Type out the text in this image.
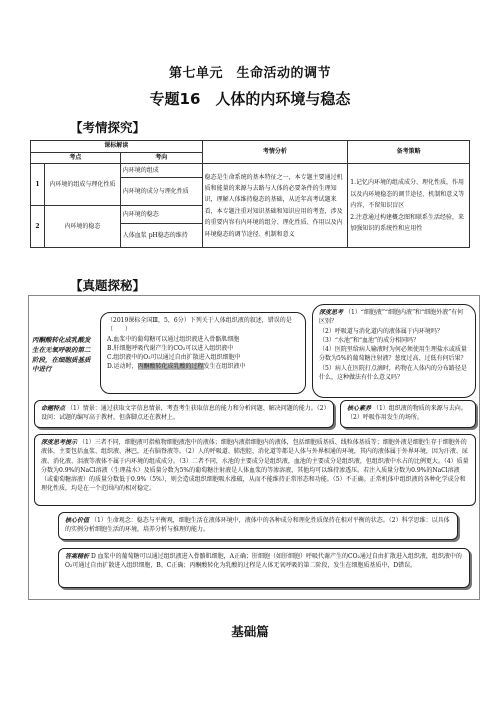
第七单元　生命活动的调节
专题16　人体的内环境与稳态
【考情探究】
课标解读			考情分析	备考策略
考点		考向		
1	内环境的组成与理化性质	内环境的组成	稳态是生命系统的基本特征之一，本专题主要通过机质和能量的来源与去路与人体的必要条件的生理知识，理解人体维持稳态的基础，从近年高考试题来看，本专题注重对知识基础和知识应用的考查，涉及的重要内容有内环境的组分、理化性质、作用以及内环境稳态的调节途径、机制和意义	1.记忆内环境的组成成分、理化性质，作用以及内环境稳态的调节途径、机制和意义等内容，不留知识盲区
2.注意通过构建概念图和联系生活经验，来加强知识的系统性和应用性
		内环境的成分与理化性质		
2	内环境的稳态	内环境的稳态		
		人体血浆 pH稳态的维持		
【真题探秘】
丙酮酸转化成乳酸发生在无氧呼吸的第二阶段，在细胞质基质中进行

（2019课标全国Ⅲ，5，6分）下列关于人体组织液的叙述，错误的是（　　）

A.血浆中的葡萄糖可以通过组织液进入骨骼肌细胞

B.肝细胞呼吸代谢产生的CO₂可以进入组织液中

C.组织液中的O₂可以通过自由扩散进入组织细胞中

D.运动时，丙酮酸转化成乳酸的过程发生在组织液中

深度思考 （1）“细胞液”“细胞内液”和“细胞外液”有何区别？
（2）呼吸道与消化道内的液体属于内环境吗？
（3）“水池”和“血池”的成分相同吗？
（4）医院里给病人输液时为何必须使用生理盐水或质量分数为5%的葡萄糖注射液？葱度过高、过低有何后果？
（5）病人在医院打点滴时，药物在人体内的分布路径是什么，这种做法有什么意义吗？
命题特点 （1）情景：通过获取文字信息情景，考查考生获取信息的能力和分析问题、解决问题的能力。（2）设问：试题的编写高于教材，但落脚点还在教材上。
核心素养 （1）组织液的物质的来源与去向。（2）呼吸作用发生的场所。
深度思考提示 （1）三者不同，细胞液可指植物细胞液泡中的液体；细胞内液指细胞内的液体，包括细胞质基质、线粒体基质等；细胞外液是细胞生存于细胞外的液体，主要包括血浆、组织液、淋巴，还有脑脊液等。（2）人的呼吸道、肺泡腔、消化道等都是人体与外界相通的环境，其内的液体属于外界环境，因为汗液、尿液、消化液、泪液等液体不属于内环境的组成成分。（3）二者不同，水池的主要成分是组织液，血池的主要成分是组织液，但组织液中水占的比例更大。（4）质量分数为0.9%的NaCl溶液（生理盐水）及质量分数为5%的葡萄糖注射液是人体血浆的等渗溶液，其他均可以维持渗透压。若注入质量分数为0.9%的NaCl溶液（或葡萄糖溶液）的质量分数低于0.9%（5%），则会造成组织细胞吸水涨破，从而不能维持正常形态和功能。（5）不正确。正常机体中组织液的各种化学成分和理化性质，均是在一个范围内的相对稳定。
核心价值 （1）生命观念：稳态与平衡观，细胞生活在液体环境中，液体中的各种成分和理化性质保持在相对平衡的状态。（2）科学思维：以具体的实例分析细胞生活的环境，培养分析与推理的能力。
答案精析 D 血浆中的葡萄糖可以通过组织液进入骨骼肌细胞，A正确；肝细胞（如肝细胞）呼吸代谢产生的CO₂通过自由扩散进入组织液，组织液中的O₂可通过自由扩散进入组织细胞，B、C正确；丙酮酸转化为乳酸的过程是人体无氧呼吸的第二阶段，发生在细胞质基质中，D错误。
基础篇
